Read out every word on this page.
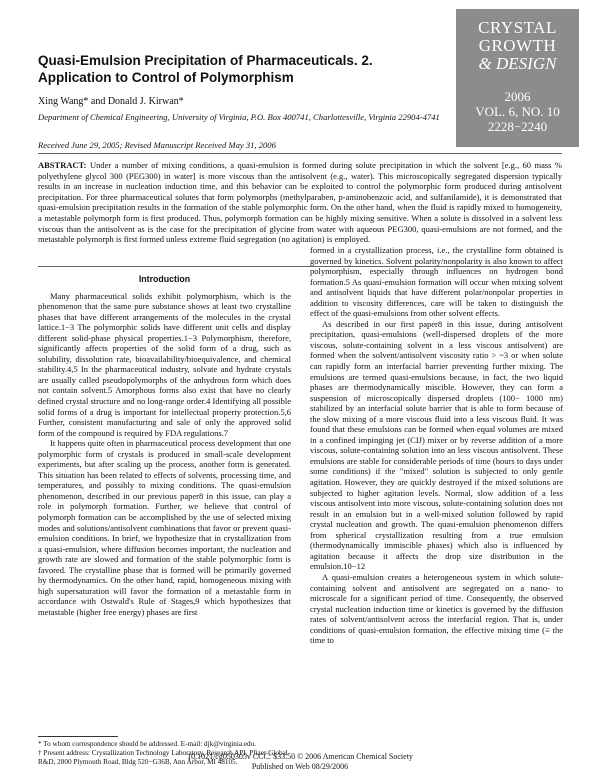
CRYSTAL
GROWTH
& DESIGN
2006
VOL. 6, NO. 10
2228−2240
Quasi-Emulsion Precipitation of Pharmaceuticals. 2. Application to Control of Polymorphism
Xing Wang* and Donald J. Kirwan*
Department of Chemical Engineering, University of Virginia, P.O. Box 400741, Charlottesville, Virginia 22904-4741
Received June 29, 2005; Revised Manuscript Received May 31, 2006
ABSTRACT: Under a number of mixing conditions, a quasi-emulsion is formed during solute precipitation in which the solvent [e.g., 60 mass % polyethylene glycol 300 (PEG300) in water] is more viscous than the antisolvent (e.g., water). This microscopically segregated dispersion typically results in an increase in nucleation induction time, and this behavior can be exploited to control the polymorphic form produced during antisolvent precipitation. For three pharmaceutical solutes that form polymorphs (methylparaben, p-aminobenzoic acid, and sulfanilamide), it is demonstrated that quasi-emulsion precipitation results in the formation of the stable polymorphic form. On the other hand, when the fluid is rapidly mixed to homogeneity, a metastable polymorph form is first produced. Thus, polymorph formation can be highly mixing sensitive. When a solute is dissolved in a solvent less viscous than the antisolvent as is the case for the precipitation of glycine from water with aqueous PEG300, quasi-emulsions are not formed, and the metastable polymorph is first formed unless extreme fluid segregation (no agitation) is employed.
Introduction

Many pharmaceutical solids exhibit polymorphism, which is the phenomenon that the same pure substance shows at least two crystalline phases that have different arrangements of the molecules in the crystal lattice.1−3 The polymorphic solids have different unit cells and display different solid-phase physical properties.1−3 Polymorphism, therefore, significantly affects properties of the solid form of a drug, such as solubility, dissolution rate, bioavailability/bioequivalence, and chemical stability.4,5 In the pharmaceutical industry, solvate and hydrate crystals are usually called pseudopolymorphs of the anhydrous form which does not contain solvent.5 Amorphous forms also exist that have no clearly defined crystal structure and no long-range order.4 Identifying all possible solid forms of a drug is important for intellectual property protection.5,6 Further, consistent manufacturing and sale of only the approved solid form of the compound is required by FDA regulations.7

It happens quite often in pharmaceutical process development that one polymorphic form of crystals is produced in small-scale development experiments, but after scaling up the process, another form is generated. This situation has been related to effects of solvents, processing time, and temperatures, and possibly to mixing conditions. The quasi-emulsion phenomenon, described in our previous paper8 in this issue, can play a role in polymorph formation. Further, we believe that control of polymorph formation can be accomplished by the use of selected mixing modes and solutions/antisolvent combinations that favor or prevent quasi-emulsion conditions. In brief, we hypothesize that in crystallization from a quasi-emulsion, where diffusion becomes important, the nucleation and growth rate are slowed and formation of the stable polymorphic form is favored. The crystalline phase that is formed will be primarily governed by thermodynamics. On the other hand, rapid, homogeneous mixing with high supersaturation will favor the formation of a metastable form in accordance with Ostwald's Rule of Stages,9 which hypothesizes that metastable (higher free energy) phases are first

formed in a crystallization process, i.e., the crystalline form obtained is governed by kinetics. Solvent polarity/nonpolarity is also known to affect polymorphism, especially through influences on hydrogen bond formation.5 As quasi-emulsion formation will occur when mixing solvent and antisolvent liquids that have different polar/nonpolar properties in addition to viscosity differences, care will be taken to distinguish the effect of the quasi-emulsions from other solvent effects.

As described in our first paper8 in this issue, during antisolvent precipitation, quasi-emulsions (well-dispersed droplets of the more viscous, solute-containing solvent in a less viscous antisolvent) are formed when the solvent/antisolvent viscosity ratio > ~3 or when solute can rapidly form an interfacial barrier preventing further mixing. The emulsions are termed quasi-emulsions because, in fact, the two liquid phases are thermodynamically miscible. However, they can form a suspension of microscopically dispersed droplets (100− 1000 nm) stabilized by an interfacial solute barrier that is able to form because of the slow mixing of a more viscous fluid into a less viscous fluid. It was found that these emulsions can be formed when equal volumes are mixed in a confined impinging jet (CIJ) mixer or by reverse addition of a more viscous, solute-containing solution into an less viscous antisolvent. These emulsions are stable for considerable periods of time (hours to days under some conditions) if the "mixed" solution is subjected to only gentle agitation. However, they are quickly destroyed if the mixed solutions are subjected to higher agitation levels. Normal, slow addition of a less viscous antisolvent into more viscous, solute-containing solution does not result in an emulsion but in a well-mixed solution followed by rapid crystal nucleation and growth. The quasi-emulsion phenomenon differs from spherical crystallization resulting from a true emulsion (thermodynamically immiscible phases) which also is influenced by agitation because it affects the drop size distribution in the emulsion.10−12

A quasi-emulsion creates a heterogeneous system in which solute-containing solvent and antisolvent are segregated on a nano- to microscale for a significant period of time. Consequently, the observed crystal nucleation induction time or kinetics is governed by the diffusion rates of solvent/antisolvent across the interfacial region. That is, under conditions of quasi-emulsion formation, the effective mixing time (≡ the time to

* To whom correspondence should be addressed. E-mail: djk@virginia.edu.
† Present address: Crystallization Technology Laboratory, Research API, Pfizer Global R&D, 2800 Plymouth Road, Bldg 520−G36B, Ann Arbor, MI 48105.
10.1021/cg050305v CCC: $33.50 © 2006 American Chemical Society
Published on Web 08/29/2006
